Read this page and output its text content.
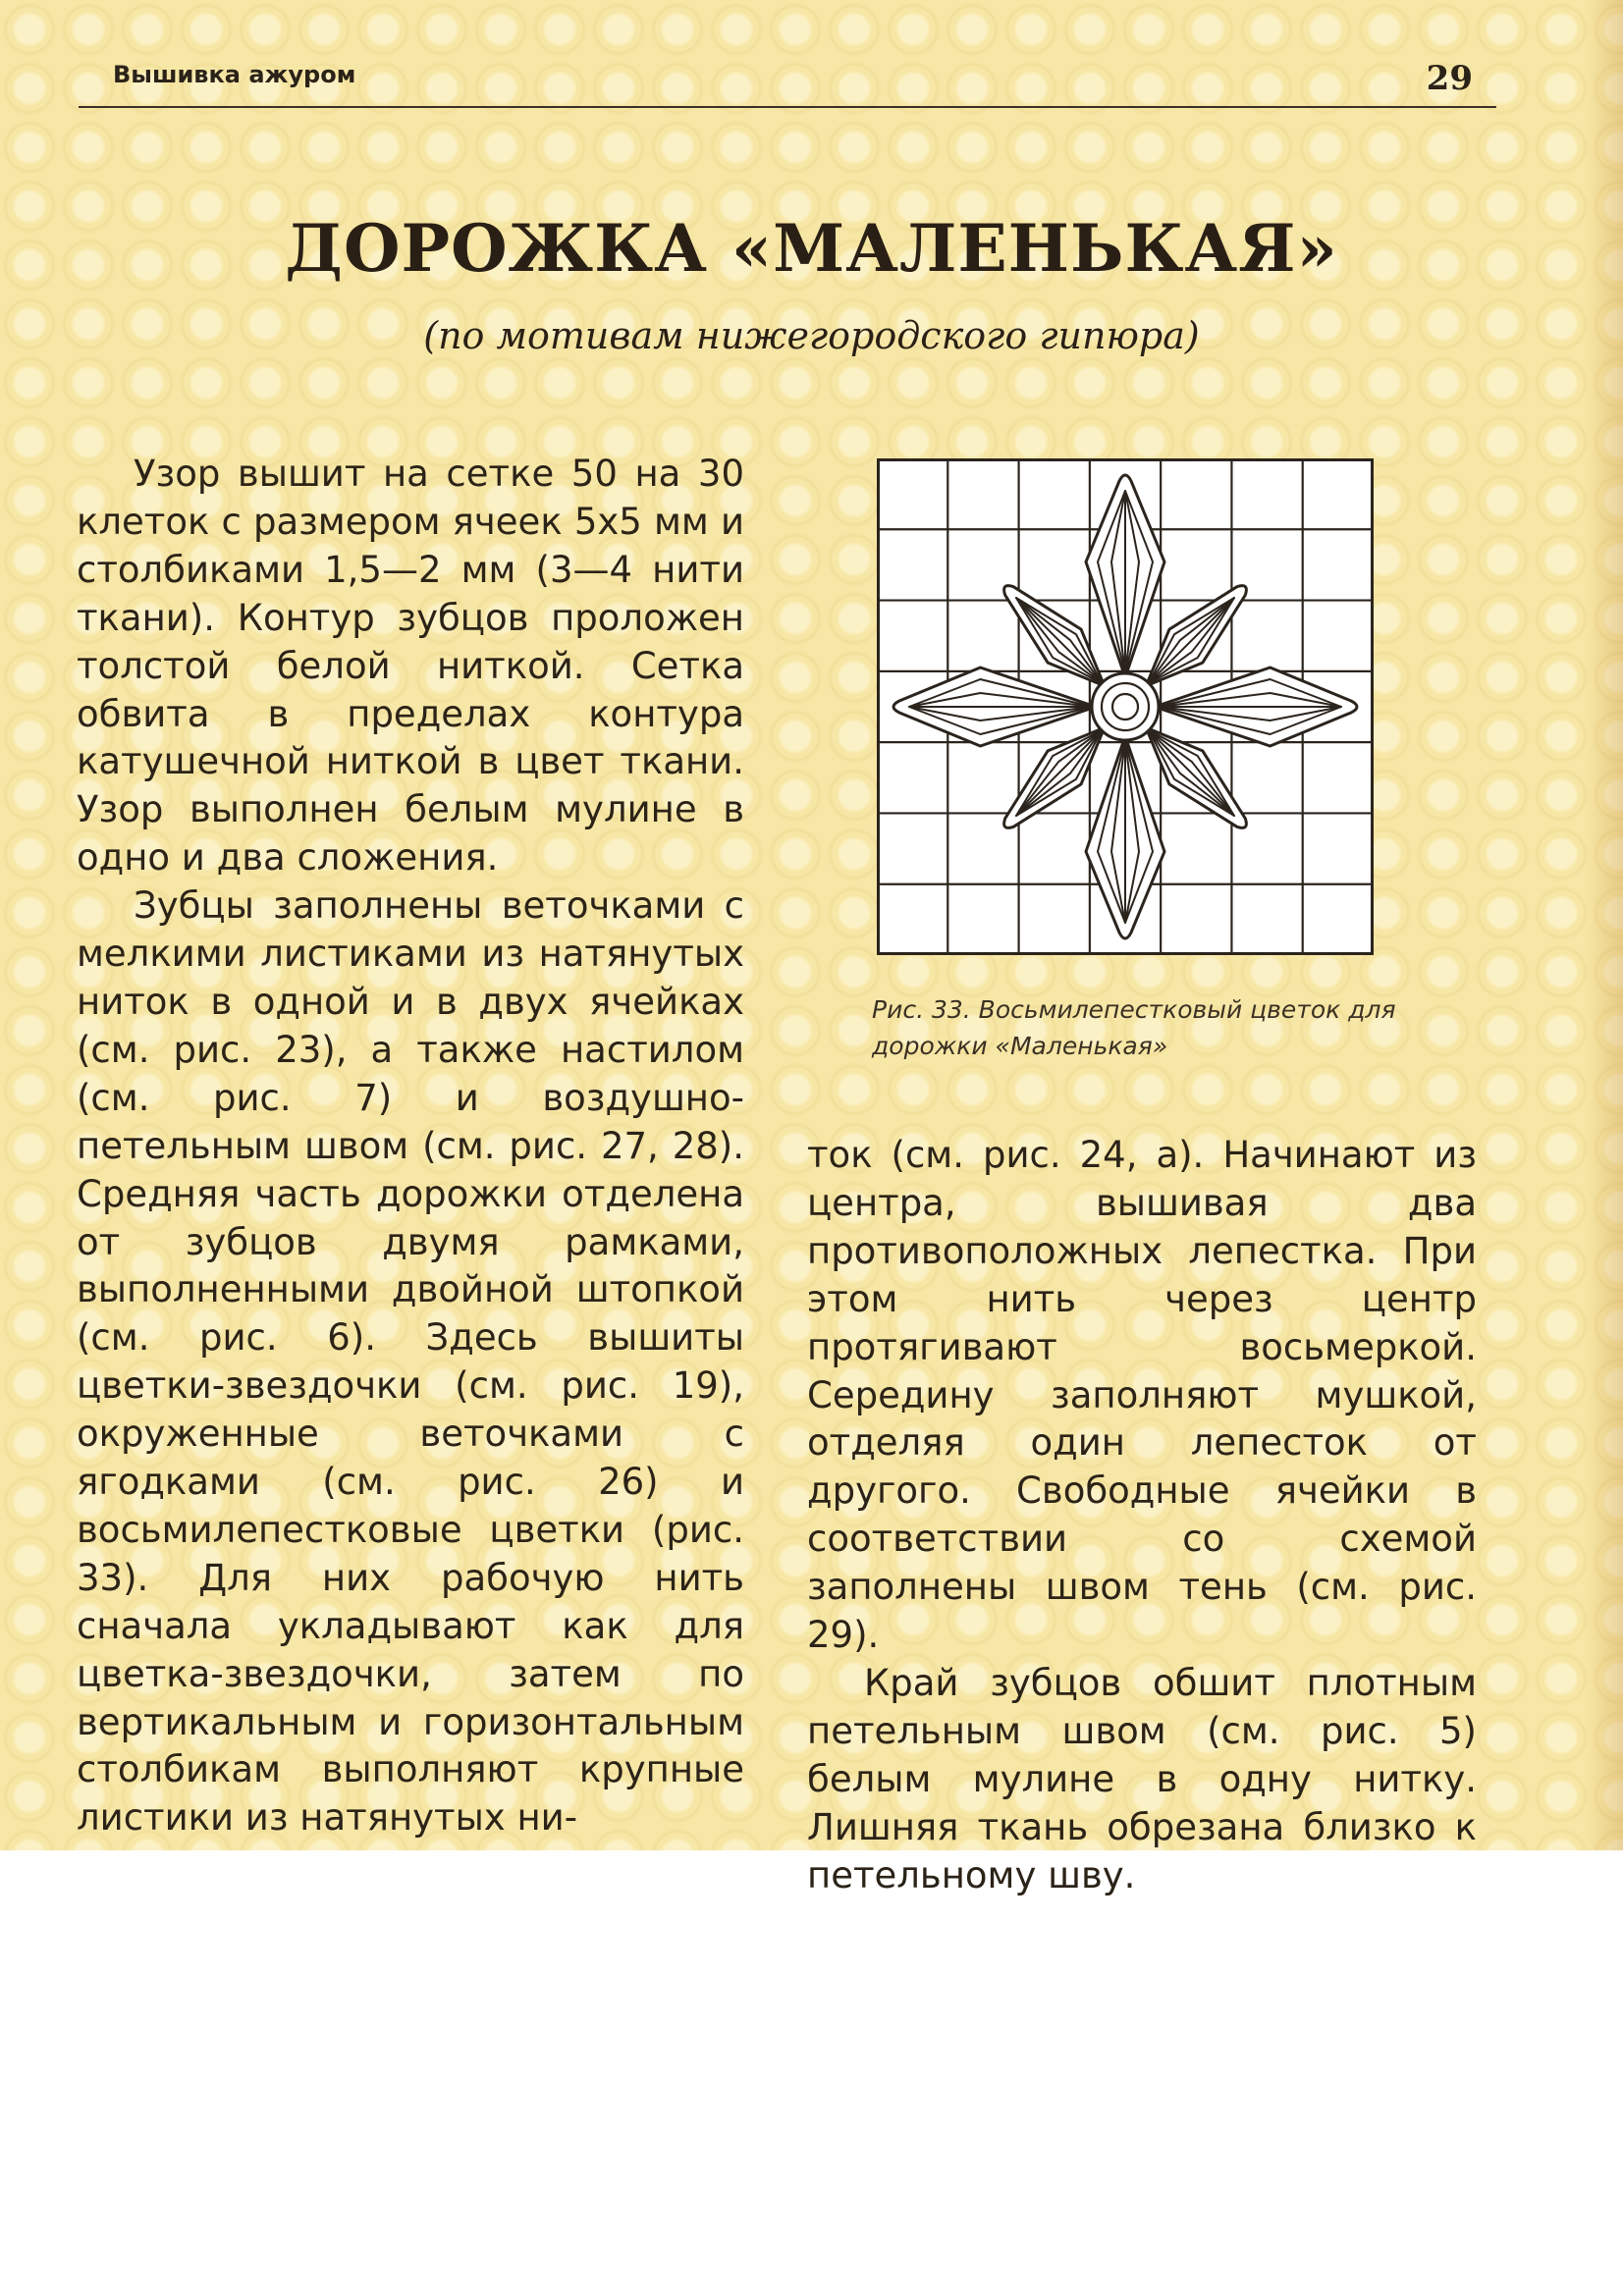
Вышивка ажуром	29
ДОРОЖКА «МАЛЕНЬКАЯ»
(по мотивам нижегородского гипюра)

Узор вышит на сетке 50 на 30 клеток с размером ячеек 5х5 мм и столбиками 1,5—2 мм (3—4 нити ткани). Контур зубцов проложен толстой белой ниткой. Сетка обвита в пределах контура катушечной ниткой в цвет ткани. Узор выполнен белым мулине в одно и два сложения.

Зубцы заполнены веточками с мелкими листиками из натянутых ниток в одной и в двух ячейках (см. рис. 23), а также настилом (см. рис. 7) и воздушно-петельным швом (см. рис. 27, 28). Средняя часть дорожки отделена от зубцов двумя рамками, выполненными двойной штопкой (см. рис. 6). Здесь вышиты цветки-звездочки (см. рис. 19), окруженные веточками с ягодками (см. рис. 26) и восьмилепестковые цветки (рис. 33). Для них рабочую нить сначала укладывают как для цветка-звездочки, затем по вертикальным и горизонтальным столбикам выполняют крупные листики из натянутых ни-

Рис. 33. Восьмилепестковый цветок для дорожки «Маленькая»

ток (см. рис. 24, а). Начинают из центра, вышивая два противоположных лепестка. При этом нить через центр протягивают восьмеркой. Середину заполняют мушкой, отделяя один лепесток от другого. Свободные ячейки в соответствии со схемой заполнены швом тень (см. рис. 29).

Край зубцов обшит плотным петельным швом (см. рис. 5) белым мулине в одну нитку. Лишняя ткань обрезана близко к петельному шву.
